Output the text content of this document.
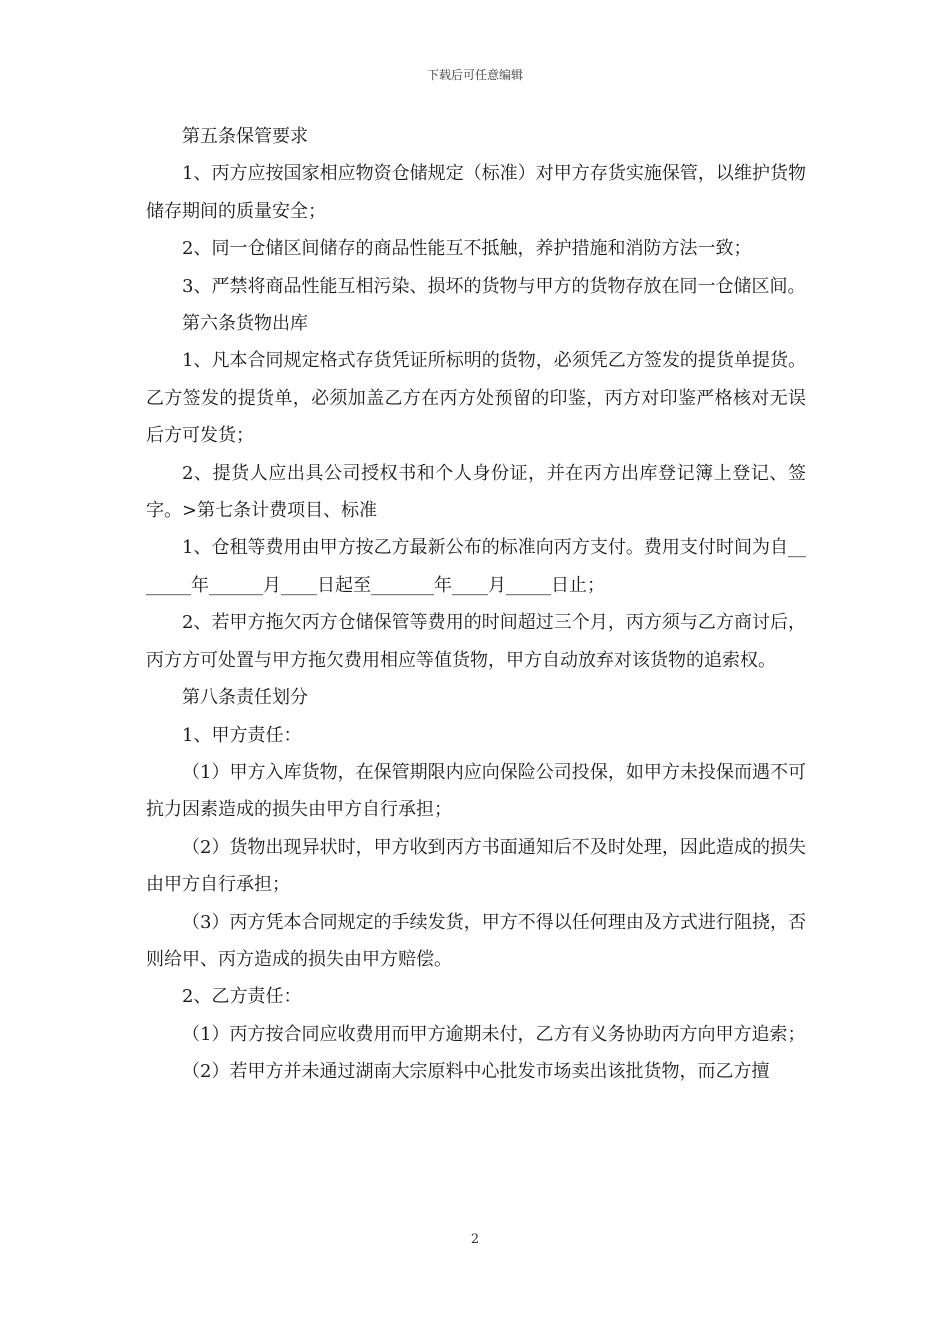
下载后可任意编辑

第五条保管要求

1、丙方应按国家相应物资仓储规定（标准）对甲方存货实施保管，以维护货物储存期间的质量安全；

2、同一仓储区间储存的商品性能互不抵触，养护措施和消防方法一致；

3、严禁将商品性能互相污染、损坏的货物与甲方的货物存放在同一仓储区间。

第六条货物出库

1、凡本合同规定格式存货凭证所标明的货物，必须凭乙方签发的提货单提货。乙方签发的提货单，必须加盖乙方在丙方处预留的印鉴，丙方对印鉴严格核对无误后方可发货；

2、提货人应出具公司授权书和个人身份证，并在丙方出库登记簿上登记、签字。>第七条计费项目、标准

1、仓租等费用由甲方按乙方最新公布的标准向丙方支付。费用支付时间为自_______年______月____日起至_______年____月_____日止；

2、若甲方拖欠丙方仓储保管等费用的时间超过三个月，丙方须与乙方商讨后，丙方方可处置与甲方拖欠费用相应等值货物，甲方自动放弃对该货物的追索权。

第八条责任划分

1、甲方责任：

（1）甲方入库货物，在保管期限内应向保险公司投保，如甲方未投保而遇不可抗力因素造成的损失由甲方自行承担；

（2）货物出现异状时，甲方收到丙方书面通知后不及时处理，因此造成的损失由甲方自行承担；

（3）丙方凭本合同规定的手续发货，甲方不得以任何理由及方式进行阻挠，否则给甲、丙方造成的损失由甲方赔偿。

2、乙方责任：

（1）丙方按合同应收费用而甲方逾期未付，乙方有义务协助丙方向甲方追索；

（2）若甲方并未通过湖南大宗原料中心批发市场卖出该批货物，而乙方擅

2
